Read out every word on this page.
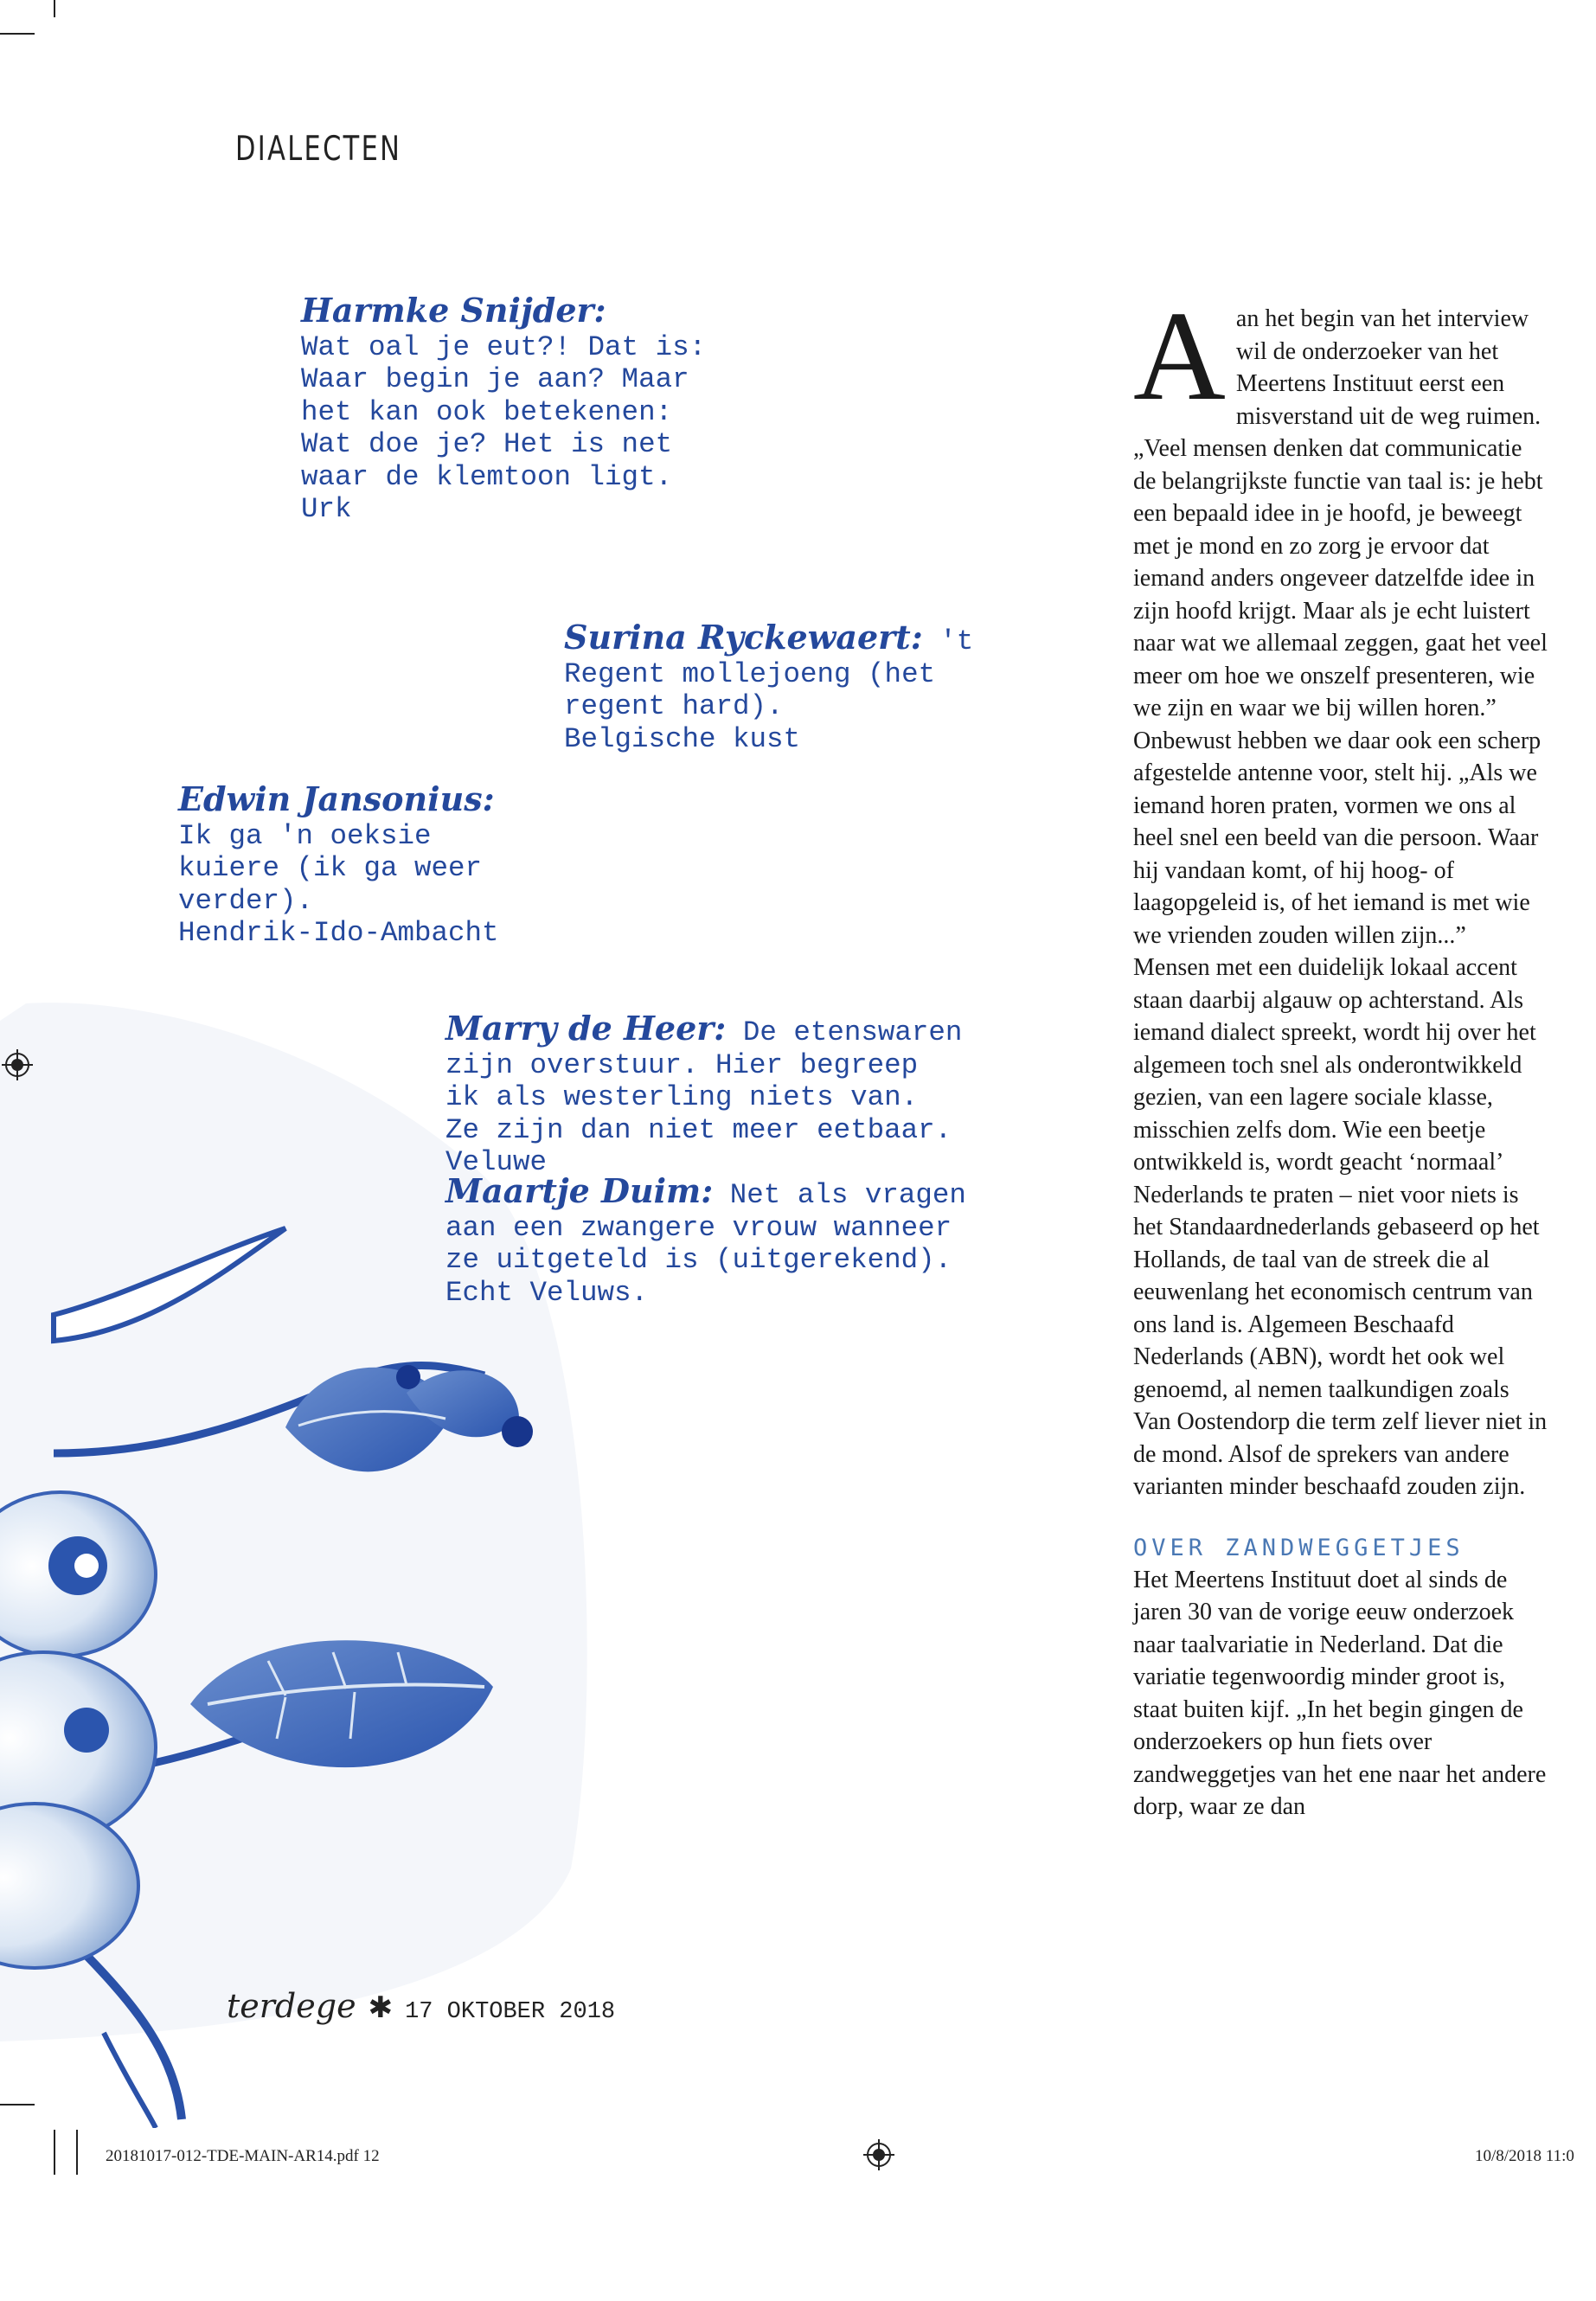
DIALECTEN
Harmke Snijder:
Wat oal je eut?! Dat is:
Waar begin je aan? Maar
het kan ook betekenen:
Wat doe je? Het is net
waar de klemtoon ligt.
Urk
Surina Ryckewaert: 't
Regent mollejoeng (het
regent hard).
Belgische kust
Edwin Jansonius:
Ik ga 'n oeksie
kuiere (ik ga weer
verder).
Hendrik-Ido-Ambacht
Marry de Heer: De etenswaren
zijn overstuur. Hier begreep
ik als westerling niets van.
Ze zijn dan niet meer eetbaar.
Veluwe
Maartje Duim: Net als vragen
aan een zwangere vrouw wanneer
ze uitgeteld is (uitgerekend).
Echt Veluws.

Aan het begin van het interview wil de onderzoeker van het Meertens Instituut eerst een misverstand uit de weg ruimen. „Veel mensen denken dat communicatie de belangrijkste functie van taal is: je hebt een bepaald idee in je hoofd, je beweegt met je mond en zo zorg je ervoor dat iemand anders ongeveer datzelfde idee in zijn hoofd krijgt. Maar als je echt luistert naar wat we allemaal zeggen, gaat het veel meer om hoe we onszelf presenteren, wie we zijn en waar we bij willen horen.” Onbewust hebben we daar ook een scherp afgestelde antenne voor, stelt hij. „Als we iemand horen praten, vormen we ons al heel snel een beeld van die persoon. Waar hij vandaan komt, of hij hoog- of laagopgeleid is, of het iemand is met wie we vrienden zouden willen zijn...”

Mensen met een duidelijk lokaal accent staan daarbij algauw op achterstand. Als iemand dialect spreekt, wordt hij over het algemeen toch snel als onderontwikkeld gezien, van een lagere sociale klasse, misschien zelfs dom. Wie een beetje ontwikkeld is, wordt geacht ‘normaal’ Nederlands te praten – niet voor niets is het Standaardnederlands gebaseerd op het Hollands, de taal van de streek die al eeuwenlang het economisch centrum van ons land is. Algemeen Beschaafd Nederlands (ABN), wordt het ook wel genoemd, al nemen taalkundigen zoals Van Oostendorp die term zelf liever niet in de mond. Alsof de sprekers van andere varianten minder beschaafd zouden zijn.

OVER ZANDWEGGETJES

Het Meertens Instituut doet al sinds de jaren 30 van de vorige eeuw onderzoek naar taalvariatie in Nederland. Dat die variatie tegenwoordig minder groot is, staat buiten kijf. „In het begin gingen de onderzoekers op hun fiets over zandweggetjes van het ene naar het andere dorp, waar ze dan

terdege ✱ 17 OKTOBER 2018
20181017-012-TDE-MAIN-AR14.pdf 12	10/8/2018 11:0
